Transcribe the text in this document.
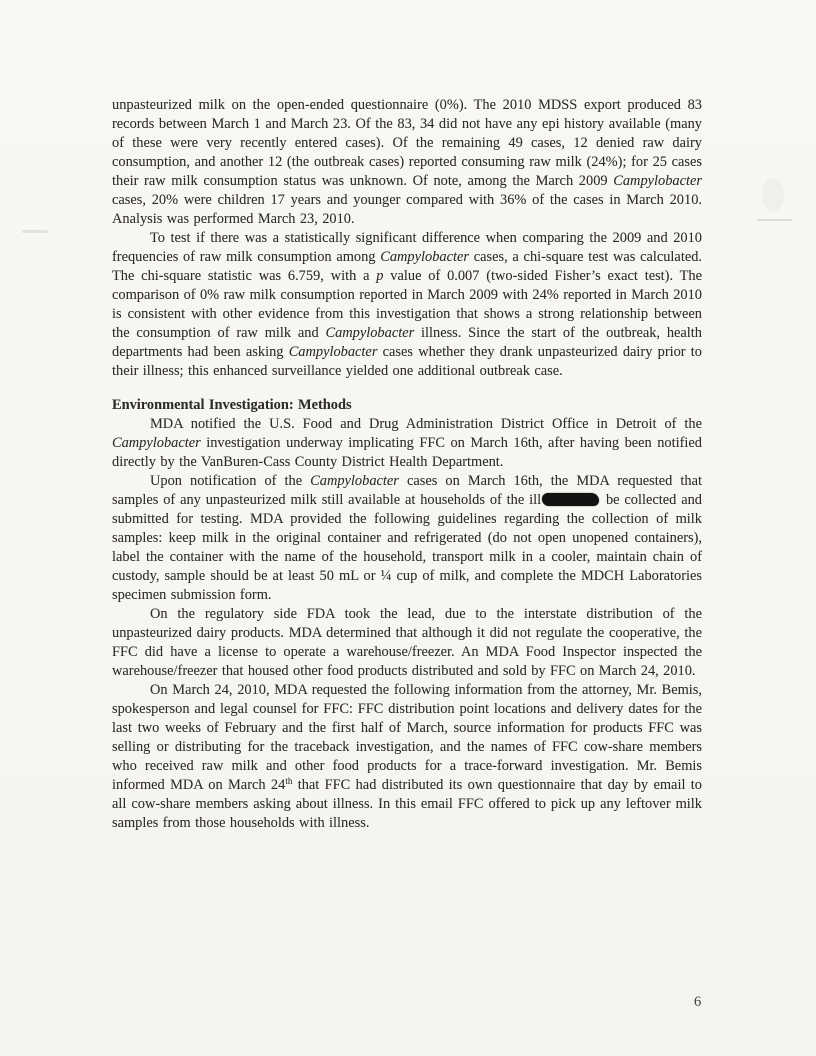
unpasteurized milk on the open-ended questionnaire (0%). The 2010 MDSS export produced 83 records between March 1 and March 23. Of the 83, 34 did not have any epi history available (many of these were very recently entered cases). Of the remaining 49 cases, 12 denied raw dairy consumption, and another 12 (the outbreak cases) reported consuming raw milk (24%); for 25 cases their raw milk consumption status was unknown. Of note, among the March 2009 Campylobacter cases, 20% were children 17 years and younger compared with 36% of the cases in March 2010. Analysis was performed March 23, 2010.

To test if there was a statistically significant difference when comparing the 2009 and 2010 frequencies of raw milk consumption among Campylobacter cases, a chi-square test was calculated. The chi-square statistic was 6.759, with a p value of 0.007 (two-sided Fisher’s exact test). The comparison of 0% raw milk consumption reported in March 2009 with 24% reported in March 2010 is consistent with other evidence from this investigation that shows a strong relationship between the consumption of raw milk and Campylobacter illness. Since the start of the outbreak, health departments had been asking Campylobacter cases whether they drank unpasteurized dairy prior to their illness; this enhanced surveillance yielded one additional outbreak case.

Environmental Investigation: Methods

MDA notified the U.S. Food and Drug Administration District Office in Detroit of the Campylobacter investigation underway implicating FFC on March 16th, after having been notified directly by the VanBuren-Cass County District Health Department.

Upon notification of the Campylobacter cases on March 16th, the MDA requested that samples of any unpasteurized milk still available at households of the ill	be collected and submitted for testing. MDA provided the following guidelines regarding the collection of milk samples: keep milk in the original container and refrigerated (do not open unopened containers), label the container with the name of the household, transport milk in a cooler, maintain chain of custody, sample should be at least 50 mL or ¼ cup of milk, and complete the MDCH Laboratories specimen submission form.

On the regulatory side FDA took the lead, due to the interstate distribution of the unpasteurized dairy products. MDA determined that although it did not regulate the cooperative, the FFC did have a license to operate a warehouse/freezer. An MDA Food Inspector inspected the warehouse/freezer that housed other food products distributed and sold by FFC on March 24, 2010.

On March 24, 2010, MDA requested the following information from the attorney, Mr. Bemis, spokesperson and legal counsel for FFC: FFC distribution point locations and delivery dates for the last two weeks of February and the first half of March, source information for products FFC was selling or distributing for the traceback investigation, and the names of FFC cow-share members who received raw milk and other food products for a trace-forward investigation. Mr. Bemis informed MDA on March 24th that FFC had distributed its own questionnaire that day by email to all cow-share members asking about illness. In this email FFC offered to pick up any leftover milk samples from those households with illness.

6
